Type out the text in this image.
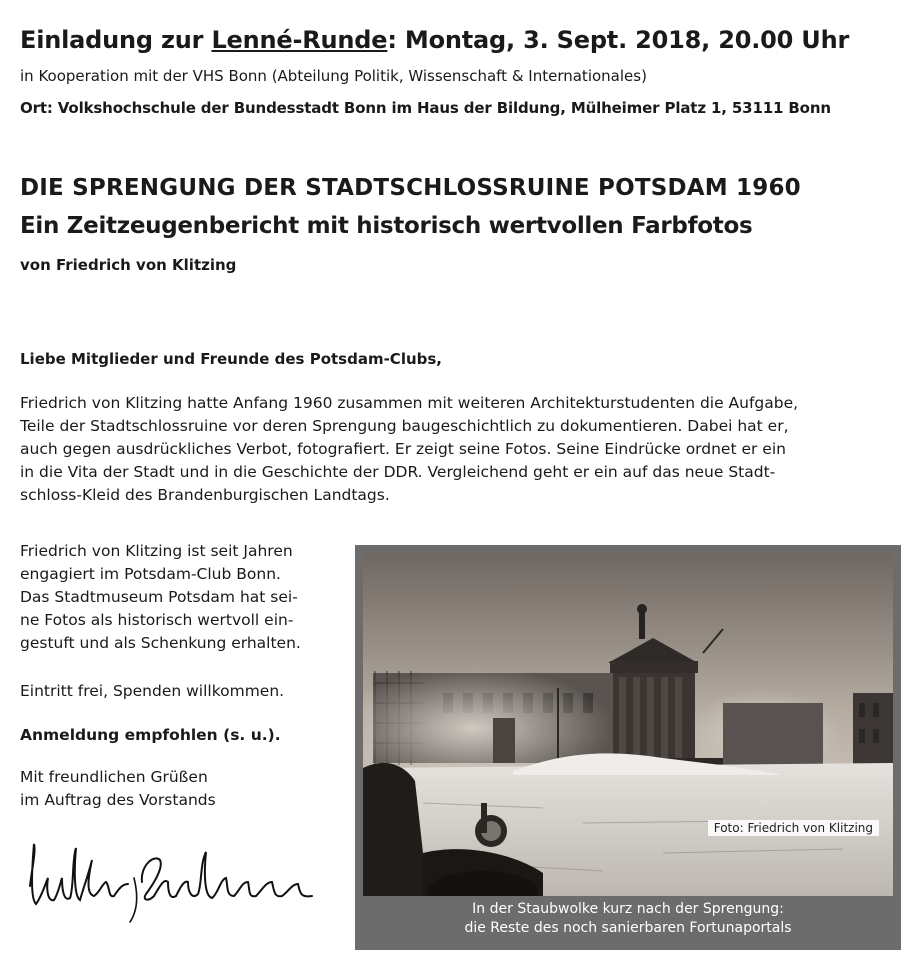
Einladung zur Lenné-Runde: Montag, 3. Sept. 2018, 20.00 Uhr
in Kooperation mit der VHS Bonn (Abteilung Politik, Wissenschaft & Internationales)
Ort: Volkshochschule der Bundesstadt Bonn im Haus der Bildung, Mülheimer Platz 1, 53111 Bonn
DIE SPRENGUNG DER STADTSCHLOSSRUINE POTSDAM 1960
Ein Zeitzeugenbericht mit historisch wertvollen Farbfotos
von Friedrich von Klitzing
Liebe Mitglieder und Freunde des Potsdam-Clubs,
Friedrich von Klitzing hatte Anfang 1960 zusammen mit weiteren Architekturstudenten die Aufgabe,
Teile der Stadtschlossruine vor deren Sprengung baugeschichtlich zu dokumentieren. Dabei hat er,
auch gegen ausdrückliches Verbot, fotografiert. Er zeigt seine Fotos. Seine Eindrücke ordnet er ein
in die Vita der Stadt und in die Geschichte der DDR. Vergleichend geht er ein auf das neue Stadt-
schloss-Kleid des Brandenburgischen Landtags.
Friedrich von Klitzing ist seit Jahren
engagiert im Potsdam-Club Bonn.
Das Stadtmuseum Potsdam hat sei-
ne Fotos als historisch wertvoll ein-
gestuft und als Schenkung erhalten.
Eintritt frei, Spenden willkommen.
Anmeldung empfohlen (s. u.).
Mit freundlichen Grüßen
im Auftrag des Vorstands
Foto: Friedrich von Klitzing
In der Staubwolke kurz nach der Sprengung:
die Reste des noch sanierbaren Fortunaportals
